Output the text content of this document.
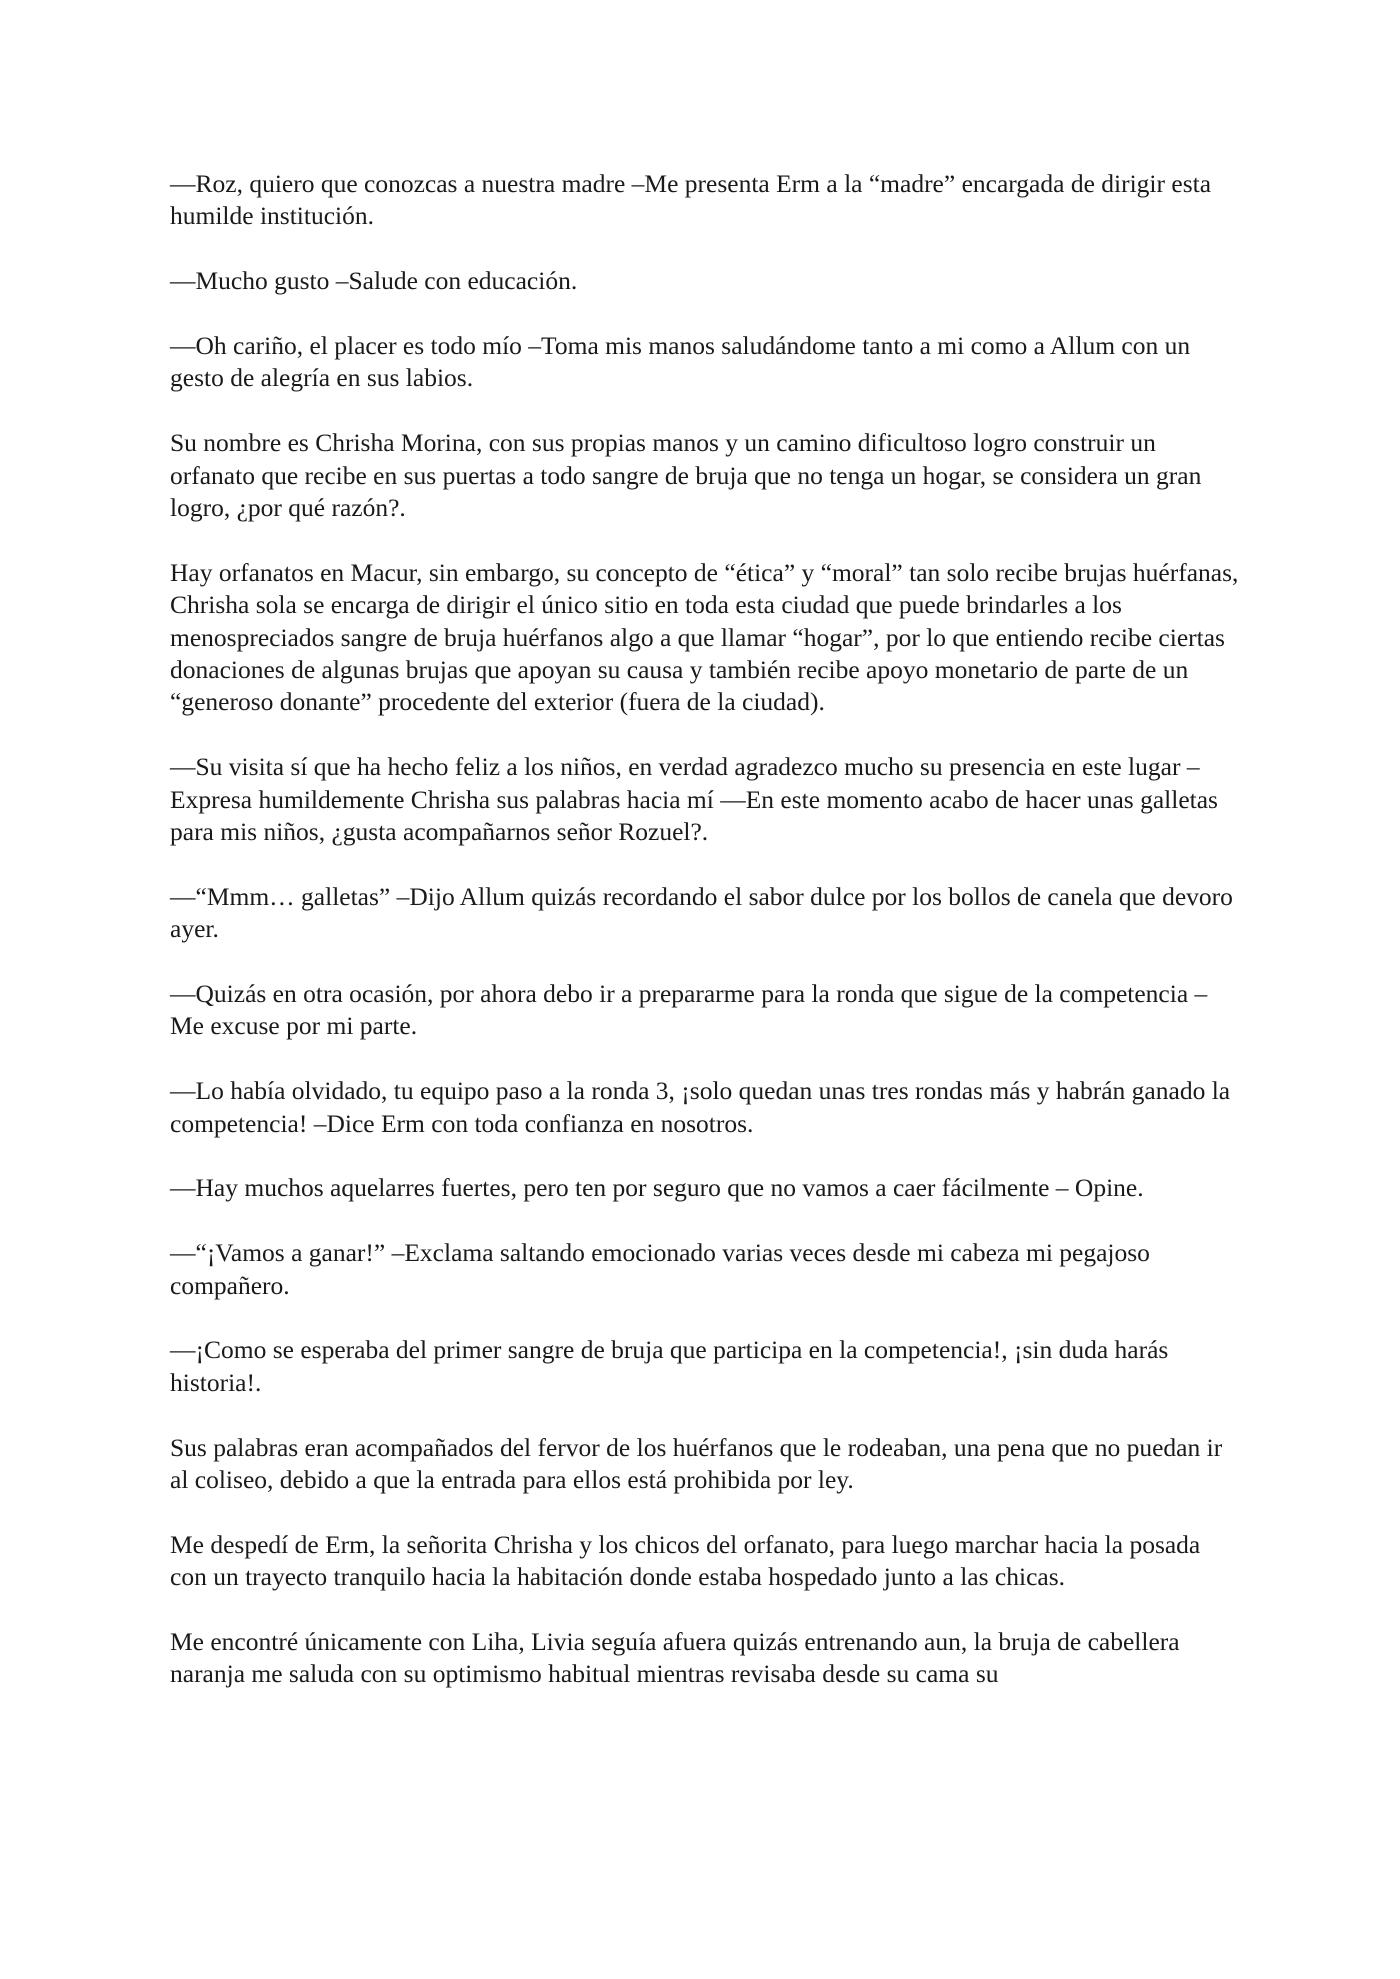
—Roz, quiero que conozcas a nuestra madre –Me presenta Erm a la “madre” encargada de dirigir esta humilde institución.

—Mucho gusto –Salude con educación.

—Oh cariño, el placer es todo mío –Toma mis manos saludándome tanto a mi como a Allum con un gesto de alegría en sus labios.

Su nombre es Chrisha Morina, con sus propias manos y un camino dificultoso logro construir un orfanato que recibe en sus puertas a todo sangre de bruja que no tenga un hogar, se considera un gran logro, ¿por qué razón?.

Hay orfanatos en Macur, sin embargo, su concepto de “ética” y “moral” tan solo recibe brujas huérfanas, Chrisha sola se encarga de dirigir el único sitio en toda esta ciudad que puede brindarles a los menospreciados sangre de bruja huérfanos algo a que llamar “hogar”, por lo que entiendo recibe ciertas donaciones de algunas brujas que apoyan su causa y también recibe apoyo monetario de parte de un “generoso donante” procedente del exterior (fuera de la ciudad).

—Su visita sí que ha hecho feliz a los niños, en verdad agradezco mucho su presencia en este lugar –Expresa humildemente Chrisha sus palabras hacia mí —En este momento acabo de hacer unas galletas para mis niños, ¿gusta acompañarnos señor Rozuel?.

—“Mmm… galletas” –Dijo Allum quizás recordando el sabor dulce por los bollos de canela que devoro ayer.

—Quizás en otra ocasión, por ahora debo ir a prepararme para la ronda que sigue de la competencia –Me excuse por mi parte.

—Lo había olvidado, tu equipo paso a la ronda 3, ¡solo quedan unas tres rondas más y habrán ganado la competencia! –Dice Erm con toda confianza en nosotros.

—Hay muchos aquelarres fuertes, pero ten por seguro que no vamos a caer fácilmente – Opine.

—“¡Vamos a ganar!” –Exclama saltando emocionado varias veces desde mi cabeza mi pegajoso compañero.

—¡Como se esperaba del primer sangre de bruja que participa en la competencia!, ¡sin duda harás historia!.

Sus palabras eran acompañados del fervor de los huérfanos que le rodeaban, una pena que no puedan ir al coliseo, debido a que la entrada para ellos está prohibida por ley.

Me despedí de Erm, la señorita Chrisha y los chicos del orfanato, para luego marchar hacia la posada con un trayecto tranquilo hacia la habitación donde estaba hospedado junto a las chicas.

Me encontré únicamente con Liha, Livia seguía afuera quizás entrenando aun, la bruja de cabellera naranja me saluda con su optimismo habitual mientras revisaba desde su cama su
